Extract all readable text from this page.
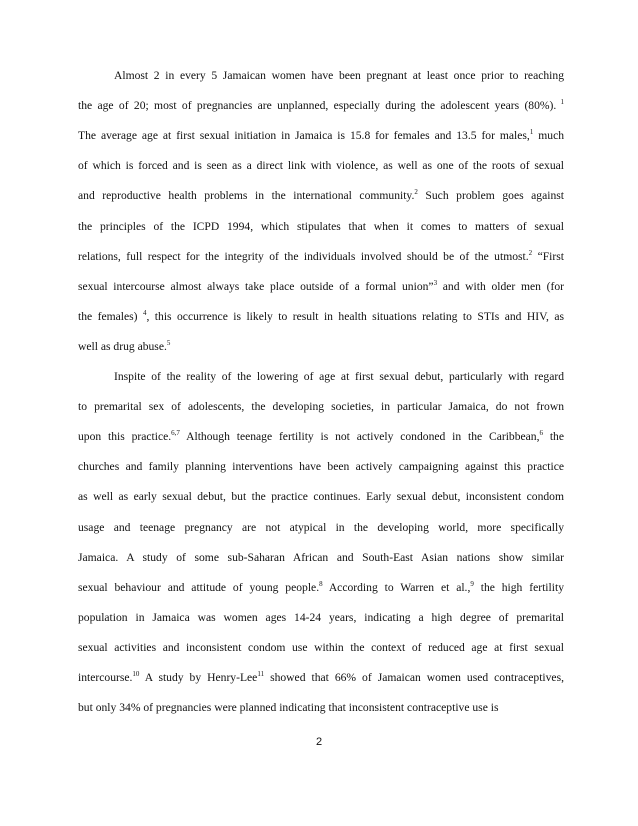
Almost 2 in every 5 Jamaican women have been pregnant at least once prior to reaching
the age of 20; most of pregnancies are unplanned, especially during the adolescent years (80%). $^1$
The average age at first sexual initiation in Jamaica is 15.8 for females and 13.5 for males,$^1$ much
of which is forced and is seen as a direct link with violence, as well as one of the roots of sexual
and reproductive health problems in the international community.$^2$ Such problem goes against
the principles of the ICPD 1994, which stipulates that when it comes to matters of sexual
relations, full respect for the integrity of the individuals involved should be of the utmost.$^2$ “First
sexual intercourse almost always take place outside of a formal union”$^3$ and with older men (for
the females) $^4$, this occurrence is likely to result in health situations relating to STIs and HIV, as
well as drug abuse.$^5$
Inspite of the reality of the lowering of age at first sexual debut, particularly with regard
to premarital sex of adolescents, the developing societies, in particular Jamaica, do not frown
upon this practice.$^{6,7}$ Although teenage fertility is not actively condoned in the Caribbean,$^6$ the
churches and family planning interventions have been actively campaigning against this practice
as well as early sexual debut, but the practice continues. Early sexual debut, inconsistent condom
usage and teenage pregnancy are not atypical in the developing world, more specifically
Jamaica. A study of some sub-Saharan African and South-East Asian nations show similar
sexual behaviour and attitude of young people.$^8$ According to Warren et al.,$^9$ the high fertility
population in Jamaica was women ages 14-24 years, indicating a high degree of premarital
sexual activities and inconsistent condom use within the context of reduced age at first sexual
intercourse.$^{10}$ A study by Henry-Lee$^{11}$ showed that 66% of Jamaican women used contraceptives,
but only 34% of pregnancies were planned indicating that inconsistent contraceptive use is
2
